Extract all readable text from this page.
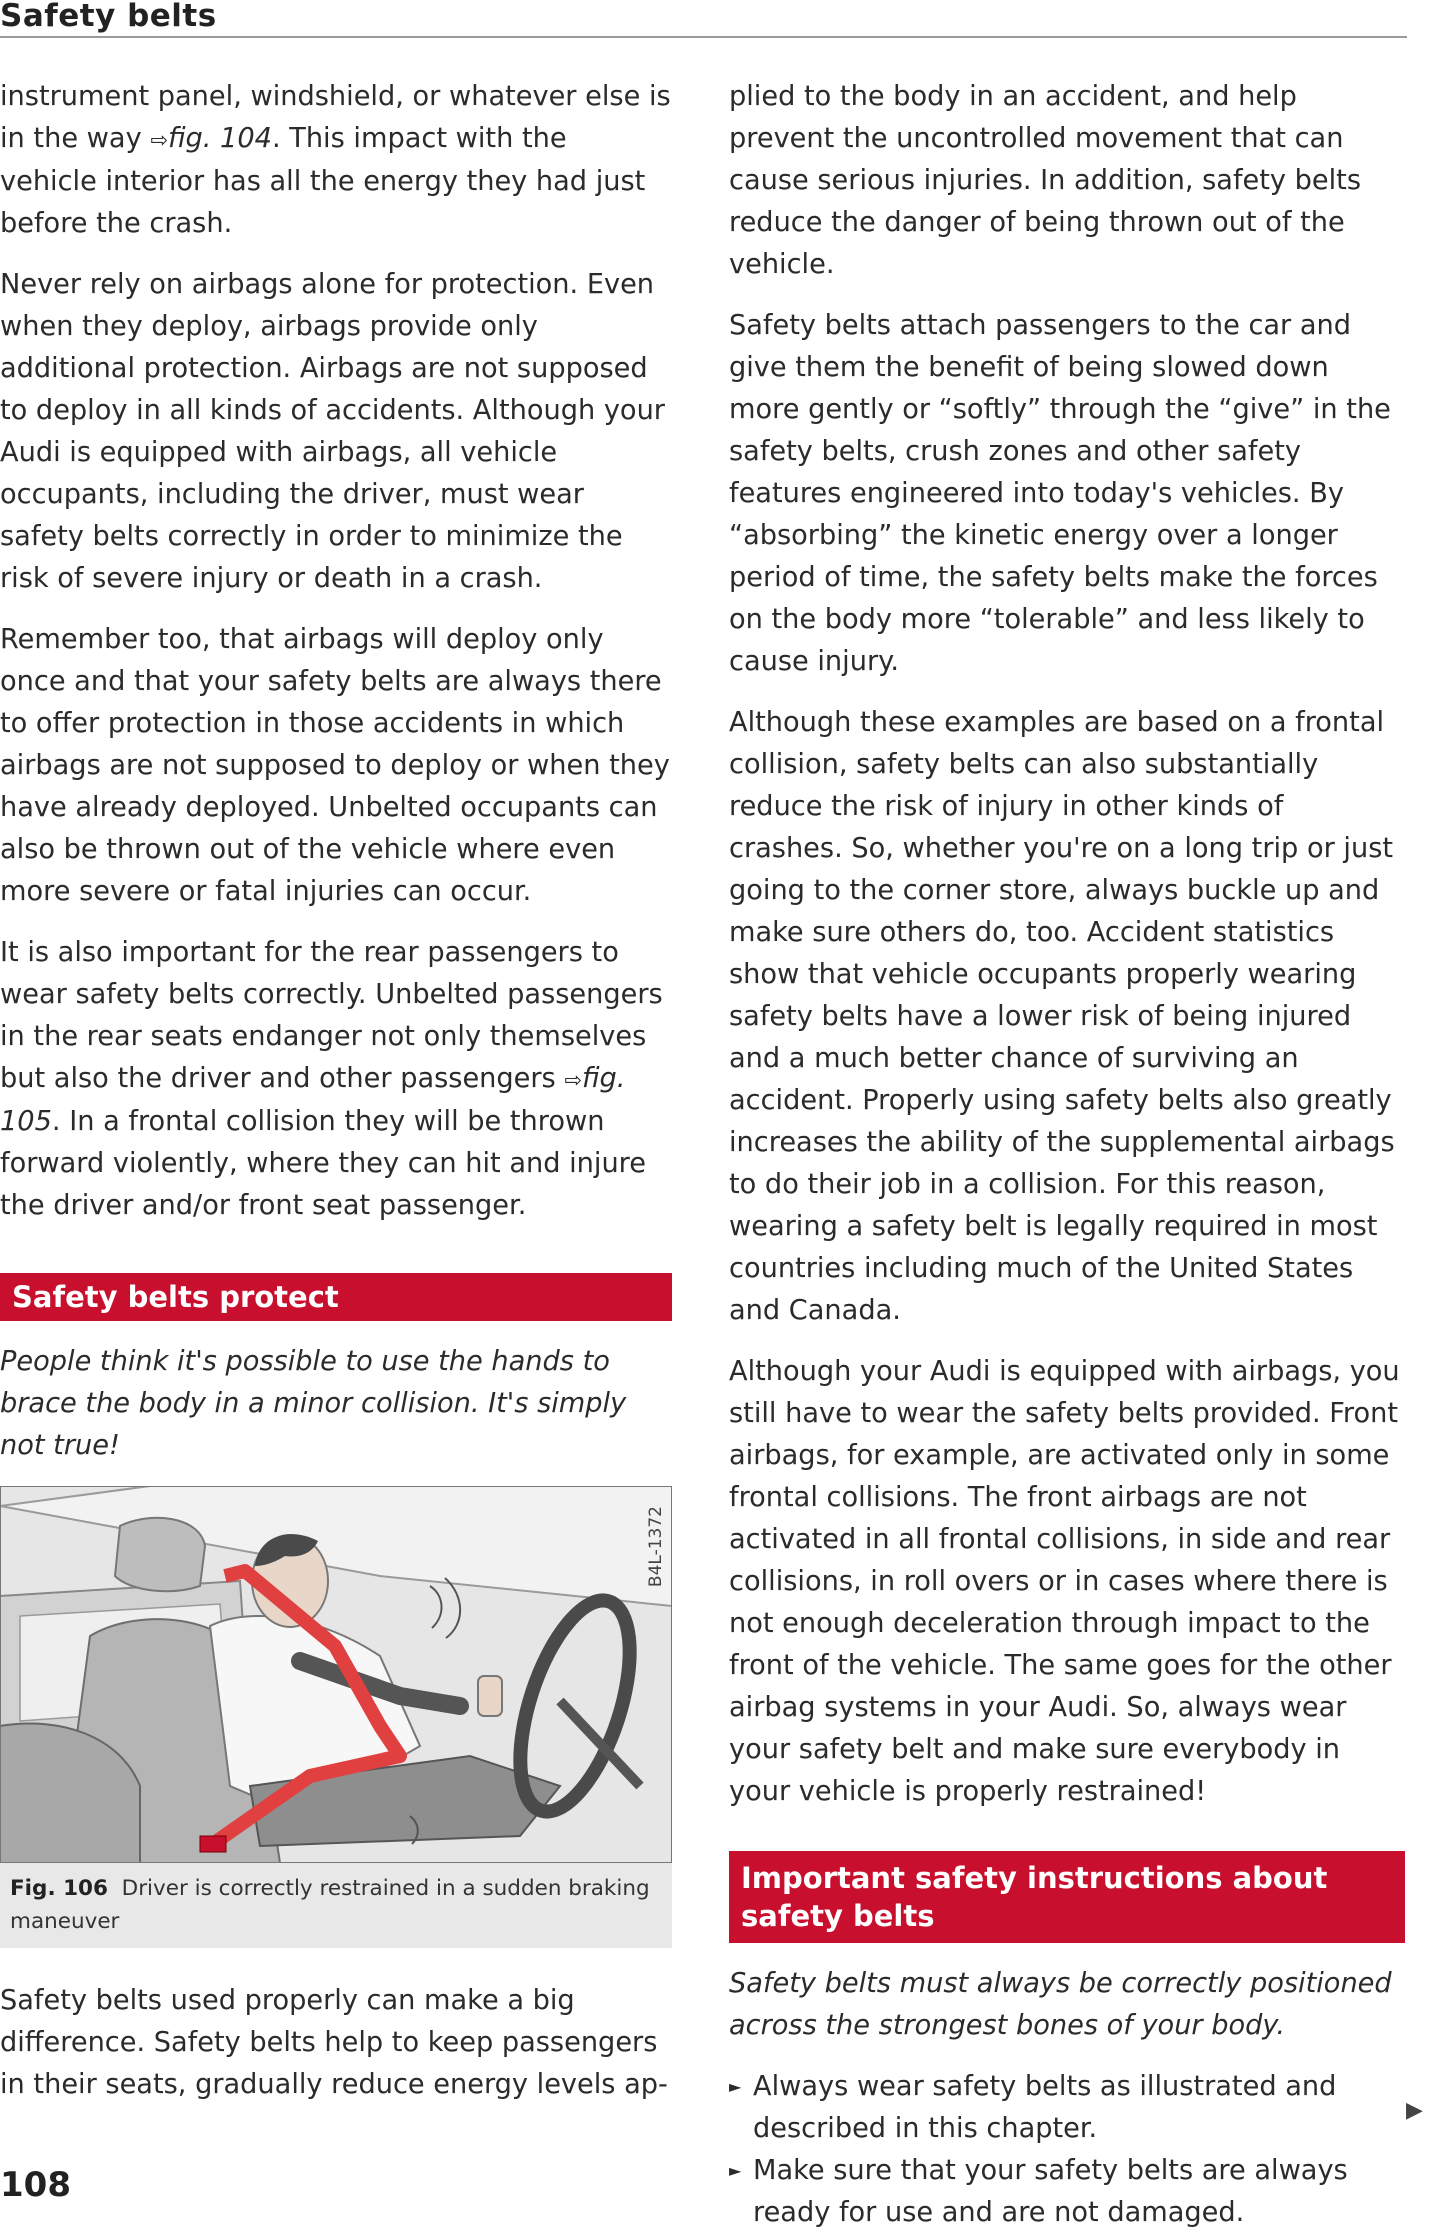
Safety belts

instrument panel, windshield, or whatever else is in the way ⇨fig. 104. This impact with the vehicle interior has all the energy they had just before the crash.

Never rely on airbags alone for protection. Even when they deploy, airbags provide only additional protection. Airbags are not supposed to deploy in all kinds of accidents. Although your Audi is equipped with airbags, all vehicle occupants, including the driver, must wear safety belts correctly in order to minimize the risk of severe injury or death in a crash.

Remember too, that airbags will deploy only once and that your safety belts are always there to offer protection in those accidents in which airbags are not supposed to deploy or when they have already deployed. Unbelted occupants can also be thrown out of the vehicle where even more severe or fatal injuries can occur.

It is also important for the rear passengers to wear safety belts correctly. Unbelted passengers in the rear seats endanger not only themselves but also the driver and other passengers ⇨fig. 105. In a frontal collision they will be thrown forward violently, where they can hit and injure the driver and/or front seat passenger.

Safety belts protect

People think it's possible to use the hands to brace the body in a minor collision. It's simply not true!

B4L-1372
Fig. 106 Driver is correctly restrained in a sudden braking maneuver

Safety belts used properly can make a big difference. Safety belts help to keep passengers in their seats, gradually reduce energy levels ap-

plied to the body in an accident, and help prevent the uncontrolled movement that can cause serious injuries. In addition, safety belts reduce the danger of being thrown out of the vehicle.

Safety belts attach passengers to the car and give them the benefit of being slowed down more gently or “softly” through the “give” in the safety belts, crush zones and other safety features engineered into today's vehicles. By “absorbing” the kinetic energy over a longer period of time, the safety belts make the forces on the body more “tolerable” and less likely to cause injury.

Although these examples are based on a frontal collision, safety belts can also substantially reduce the risk of injury in other kinds of crashes. So, whether you're on a long trip or just going to the corner store, always buckle up and make sure others do, too. Accident statistics show that vehicle occupants properly wearing safety belts have a lower risk of being injured and a much better chance of surviving an accident. Properly using safety belts also greatly increases the ability of the supplemental airbags to do their job in a collision. For this reason, wearing a safety belt is legally required in most countries including much of the United States and Canada.

Although your Audi is equipped with airbags, you still have to wear the safety belts provided. Front airbags, for example, are activated only in some frontal collisions. The front airbags are not activated in all frontal collisions, in side and rear collisions, in roll overs or in cases where there is not enough deceleration through impact to the front of the vehicle. The same goes for the other airbag systems in your Audi. So, always wear your safety belt and make sure everybody in your vehicle is properly restrained!

Important safety instructions about safety belts

Safety belts must always be correctly positioned across the strongest bones of your body.

► Always wear safety belts as illustrated and described in this chapter.
► Make sure that your safety belts are always ready for use and are not damaged.
▶
108
